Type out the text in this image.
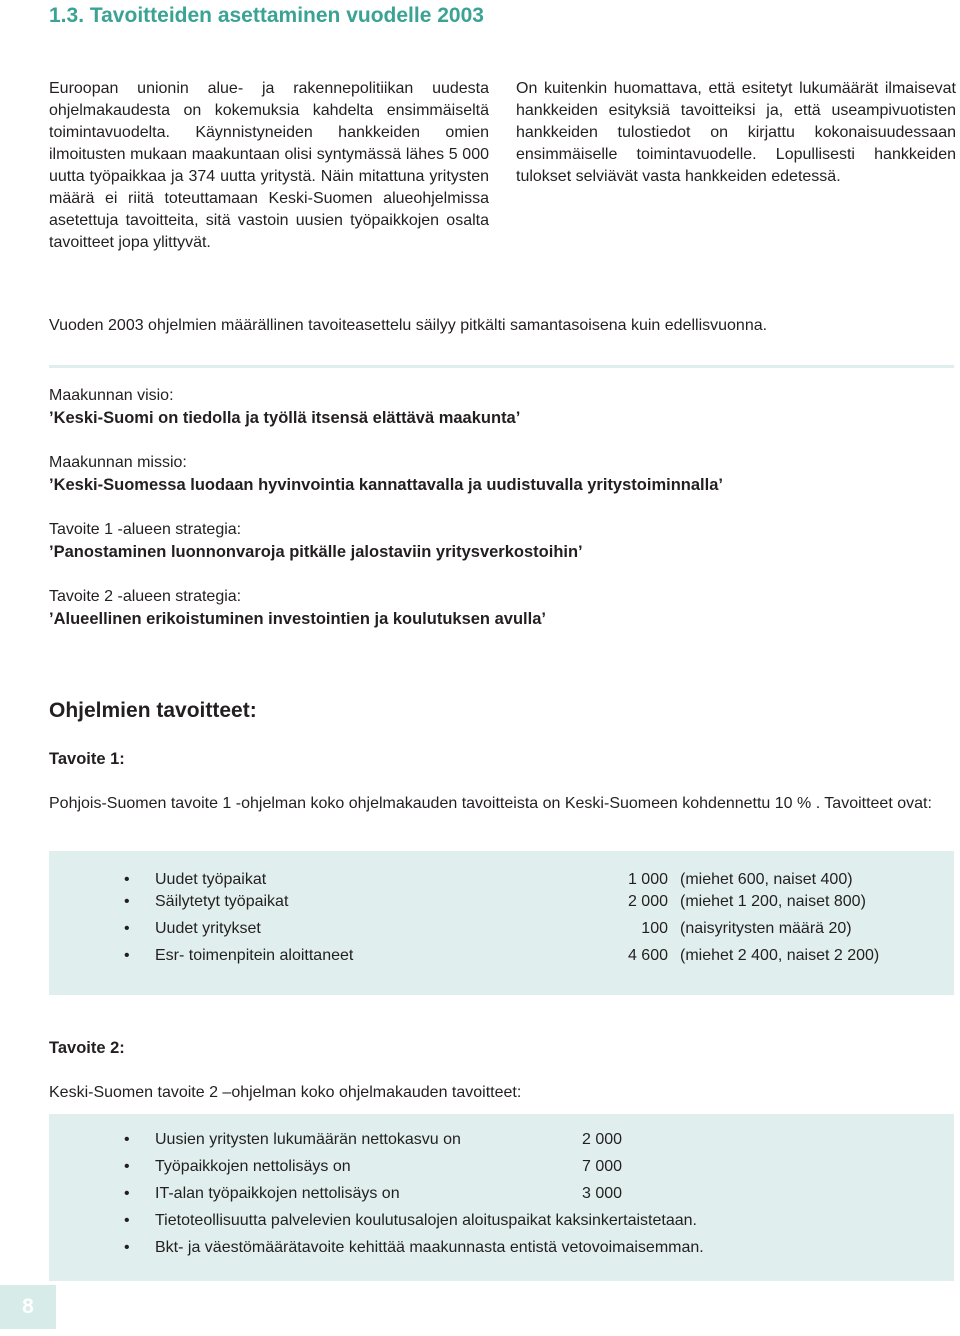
1.3. Tavoitteiden asettaminen vuodelle 2003

Euroopan unionin alue- ja rakennepolitiikan uudesta ohjelmakaudesta on kokemuksia kahdelta ensimmäiseltä toimintavuodelta. Käynnistyneiden hankkeiden omien ilmoitusten mukaan maakuntaan olisi syntymässä lähes 5 000 uutta työpaikkaa ja 374 uutta yritystä. Näin mitattuna yritysten määrä ei riitä toteuttamaan Keski-Suomen alueohjelmissa asetettuja tavoitteita, sitä vastoin uusien työpaikkojen osalta tavoitteet jopa ylittyvät.

On kuitenkin huomattava, että esitetyt lukumäärät ilmaisevat hankkeiden esityksiä tavoitteiksi ja, että useampivuotisten hankkeiden tulostiedot on kirjattu kokonaisuudessaan ensimmäiselle toimintavuodelle. Lopullisesti hankkeiden tulokset selviävät vasta hankkeiden edetessä.

Vuoden 2003 ohjelmien määrällinen tavoiteasettelu säilyy pitkälti samantasoisena kuin edellisvuonna.
Maakunnan visio:
’Keski-Suomi on tiedolla ja työllä itsensä elättävä maakunta’
Maakunnan missio:
’Keski-Suomessa luodaan hyvinvointia kannattavalla ja uudistuvalla yritystoiminnalla’
Tavoite 1 -alueen strategia:
’Panostaminen luonnonvaroja pitkälle jalostaviin yritysverkostoihin’
Tavoite 2 -alueen strategia:
’Alueellinen erikoistuminen investointien ja koulutuksen avulla’
Ohjelmien tavoitteet:
Tavoite 1:
Pohjois-Suomen tavoite 1 -ohjelman koko ohjelmakauden tavoitteista on Keski-Suomeen kohdennettu 10 % . Tavoitteet ovat:
• Uudet työpaikat	1 000 (miehet 600, naiset 400)
• Säilytetyt työpaikat	2 000 (miehet 1 200, naiset 800)
• Uudet yritykset	100 (naisyritysten määrä 20)
• Esr- toimenpitein aloittaneet	4 600 (miehet 2 400, naiset 2 200)
Tavoite 2:
Keski-Suomen tavoite 2 –ohjelman koko ohjelmakauden tavoitteet:
• Uusien yritysten lukumäärän nettokasvu on	2 000
• Työpaikkojen nettolisäys on	7 000
• IT-alan työpaikkojen nettolisäys on	3 000
• Tietoteollisuutta palvelevien koulutusalojen aloituspaikat kaksinkertaistetaan.
• Bkt- ja väestömäärätavoite kehittää maakunnasta entistä vetovoimaisemman.
8
